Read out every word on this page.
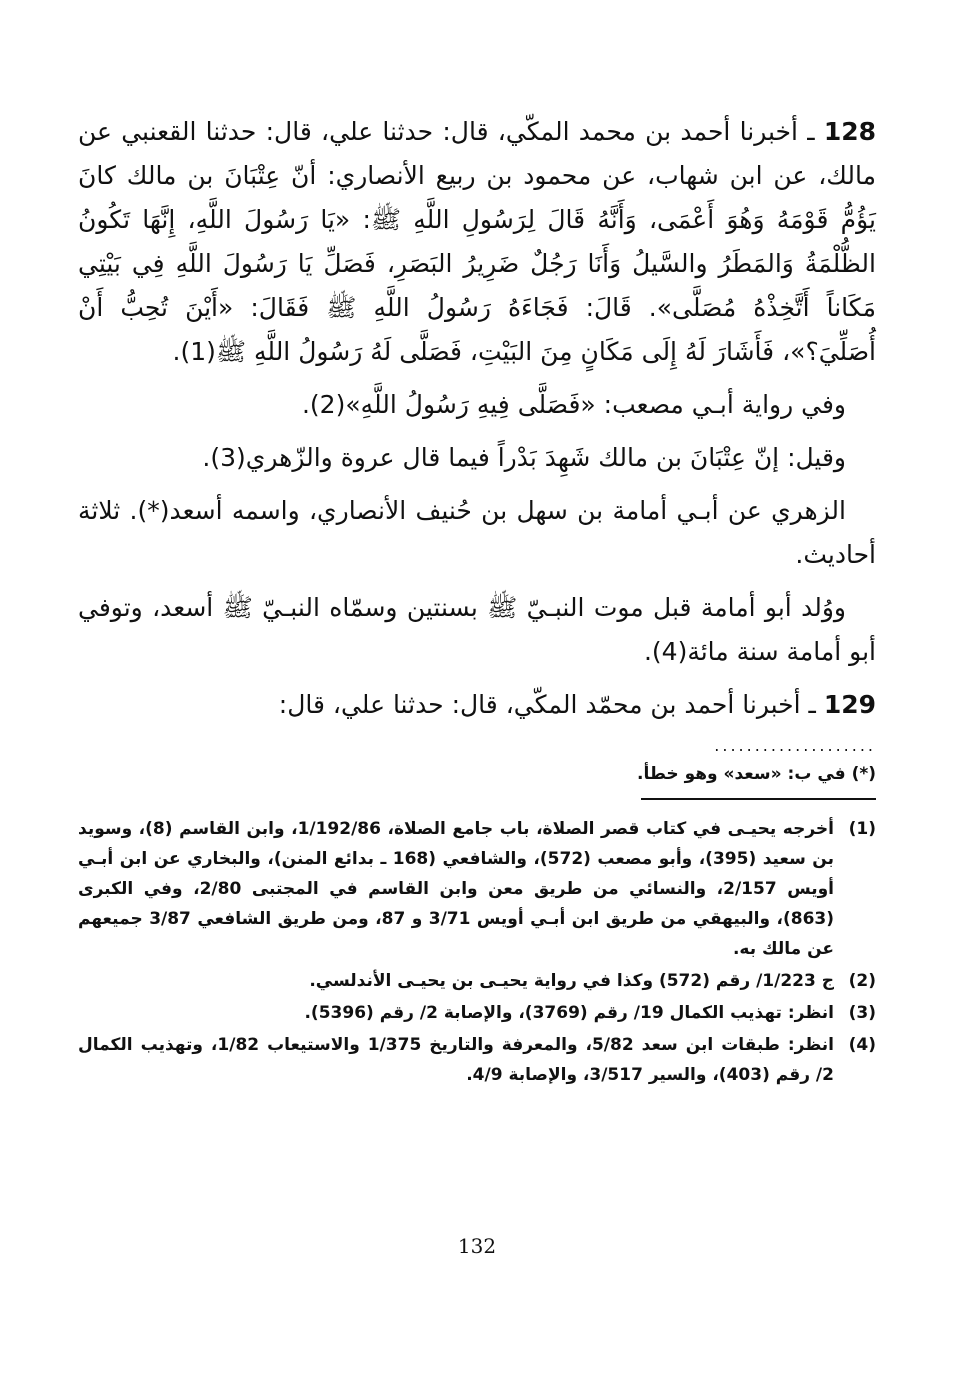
128 ـ أخبرنا أحمد بن محمد المكّي، قال: حدثنا علي، قال: حدثنا القعنبي عن مالك، عن ابن شهاب، عن محمود بن ربيع الأنصاري: أنّ عِتْبَانَ بن مالك كانَ يَؤُمُّ قَوْمَهُ وَهُوَ أَعْمَى، وَأَنَّهُ قَالَ لِرَسُولِ اللَّهِ ﷺ: «يَا رَسُولَ اللَّهِ، إِنَّهَا تَكُونُ الظُّلْمَةُ وَالمَطَرُ والسَّيلُ وَأَنَا رَجُلٌ ضَرِيرُ البَصَرِ، فَصَلِّ يَا رَسُولَ اللَّهِ فِي بَيْتِي مَكَاناً أَتَّخِذْهُ مُصَلَّى». قَالَ: فَجَاءَهُ رَسُولُ اللَّهِ ﷺ فَقَالَ: «أَيْنَ تُحِبُّ أَنْ أُصَلِّيَ؟»، فَأَشَارَ لَهُ إِلَى مَكَانٍ مِنَ البَيْتِ، فَصَلَّى لَهُ رَسُولُ اللَّهِ ﷺ(1).

وفي رواية أبـي مصعب: «فَصَلَّى فِيهِ رَسُولُ اللَّهِ»(2).

وقيل: إنّ عِتْبَانَ بن مالك شَهِدَ بَدْراً فيما قال عروة والزّهري(3).

الزهري عن أبـي أمامة بن سهل بن حُنيف الأنصاري، واسمه أسعد(*). ثلاثة أحاديث.

ووُلد أبو أمامة قبل موت النبـيّ ﷺ بسنتين وسمّاه النبـيّ ﷺ أسعد، وتوفي أبو أمامة سنة مائة(4).

129 ـ أخبرنا أحمد بن محمّد المكّي، قال: حدثنا علي، قال:

....................
(*) في ب: «سعد» وهو خطأ.
(1)
أخرجه يحيـى في كتاب قصر الصلاة، باب جامع الصلاة، 1/192/86، وابن القاسم (8)، وسويد بن سعيد (395)، وأبو مصعب (572)، والشافعي (168 ـ بدائع المنن)، والبخاري عن ابن أبـي أويس 2/157، والنسائي من طريق معن وابن القاسم في المجتبى 2/80، وفي الكبرى (863)، والبيهقي من طريق ابن أبـي أويس 3/71 و 87، ومن طريق الشافعي 3/87 جميعهم عن مالك به.
(2)
ج 1/223/ رقم (572) وكذا في رواية يحيـى بن يحيـى الأندلسي.
(3)
انظر: تهذيب الكمال 19/ رقم (3769)، والإصابة 2/ رقم (5396).
(4)
انظر: طبقات ابن سعد 5/82، والمعرفة والتاريخ 1/375 والاستيعاب 1/82، وتهذيب الكمال 2/ رقم (403)، والسير 3/517، والإصابة 4/9.
132
